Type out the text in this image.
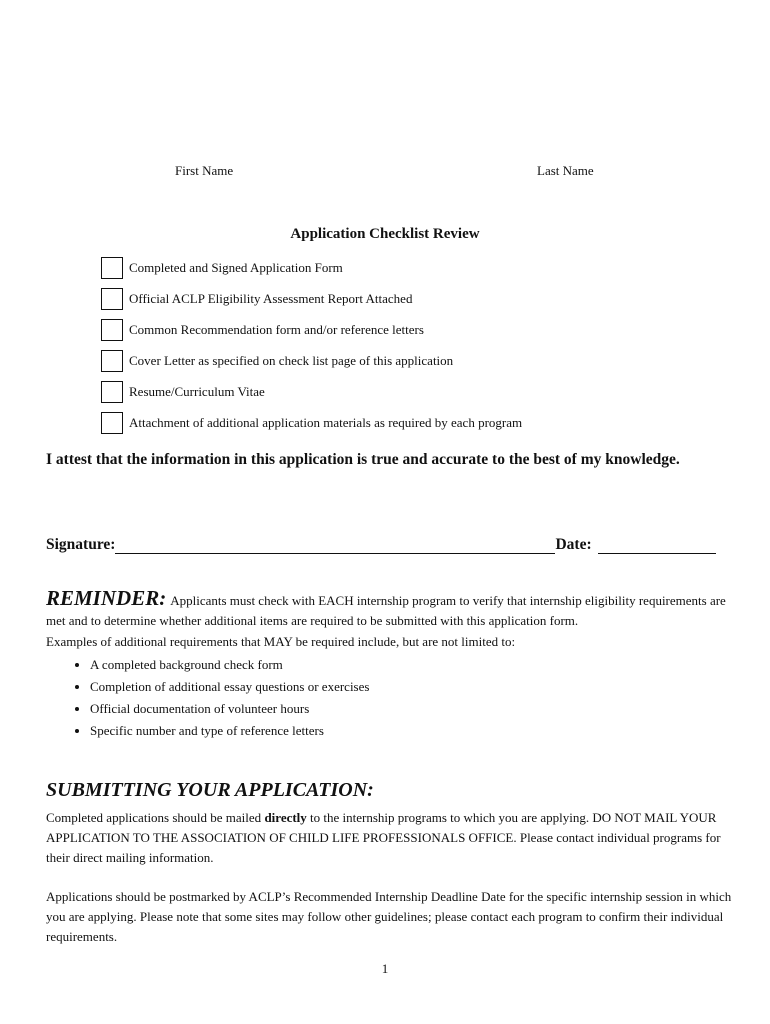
First Name	Last Name
Application Checklist Review
Completed and Signed Application Form
Official ACLP Eligibility Assessment Report Attached
Common Recommendation form and/or reference letters
Cover Letter as specified on check list page of this application
Resume/Curriculum Vitae
Attachment of additional application materials as required by each program
I attest that the information in this application is true and accurate to the best of my knowledge.
Signature:	Date:
REMINDER: Applicants must check with EACH internship program to verify that internship eligibility requirements are met and to determine whether additional items are required to be submitted with this application form.
Examples of additional requirements that MAY be required include, but are not limited to:
• A completed background check form
• Completion of additional essay questions or exercises
• Official documentation of volunteer hours
• Specific number and type of reference letters
SUBMITTING YOUR APPLICATION:
Completed applications should be mailed directly to the internship programs to which you are applying. DO NOT MAIL YOUR APPLICATION TO THE ASSOCIATION OF CHILD LIFE PROFESSIONALS OFFICE. Please contact individual programs for their direct mailing information.
Applications should be postmarked by ACLP’s Recommended Internship Deadline Date for the specific internship session in which you are applying. Please note that some sites may follow other guidelines; please contact each program to confirm their individual requirements.
1
